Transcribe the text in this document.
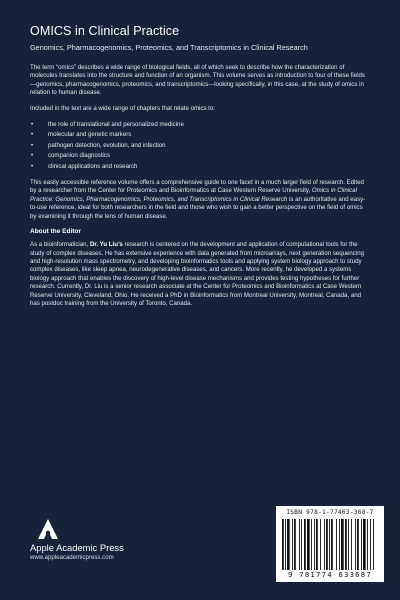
OMICS in Clinical Practice
Genomics, Pharmacogenomics, Proteomics, and Transcriptomics in Clinical Research

The term “omics” describes a wide range of biological fields, all of which seek to describe how the characterization of molecules translates into the structure and function of an organism. This volume serves as introduction to four of these fields—genomics, pharmacogenomics, proteomics, and transcriptomics—looking specifically, in this case, at the study of omics in relation to human disease.

Included in the text are a wide range of chapters that relate omics to:

• the role of translational and personalized medicine
• molecular and genetic markers
• pathogen detection, evolution, and infection
• companion diagnostics
• clinical applications and research

This easily accessible reference volume offers a comprehensive guide to one facet in a much larger field of research. Edited by a researcher from the Center for Proteomics and Bioinformatics at Case Western Reserve University, Omics in Clinical Practice: Genomics, Pharmacogenomics, Proteomics, and Transcriptomics in Clinical Research is an authoritative and easy-to-use reference, ideal for both researchers in the field and those who wish to gain a better perspective on the field of omics by examining it through the lens of human disease.

About the Editor

As a bioinformatician, Dr. Yu Liu’s research is centered on the development and application of computational tools for the study of complex diseases. He has extensive experience with data generated from microarrays, next generation sequencing and high-resolution mass spectrometry, and developing bioinformatics tools and applying system biology approach to study complex diseases, like sleep apnea, neurodegenerative diseases, and cancers. More recently, he developed a systems biology approach that enables the discovery of high-level disease mechanisms and provides testing hypotheses for further research. Currently, Dr. Liu is a senior research associate at the Center for Proteomics and Bioinformatics at Case Western Reserve University, Cleveland, Ohio. He received a PhD in Bioinformatics from Montreal University, Montreal, Canada, and has postdoc training from the University of Toronto, Canada.

Apple Academic Press
www.appleacademicpress.com
ISBN 978-1-77463-368-7
9 781774 633687
